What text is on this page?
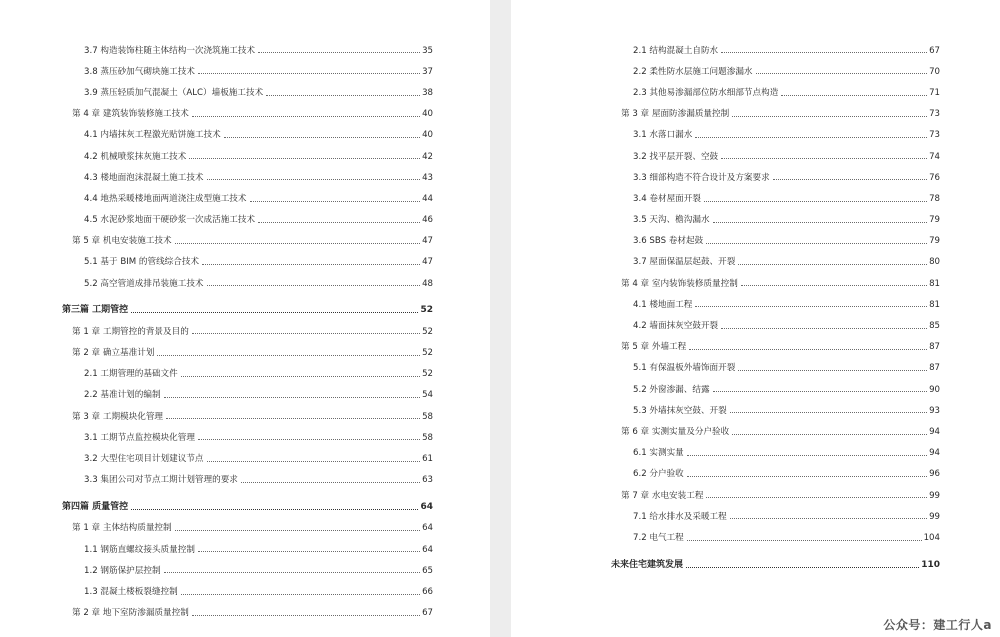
3.7 构造装饰柱随主体结构一次浇筑施工技术	35
3.8 蒸压砂加气砌块施工技术	37
3.9 蒸压轻质加气混凝土（ALC）墙板施工技术	38
第 4 章 建筑装饰装修施工技术	40
4.1 内墙抹灰工程激光贴饼施工技术	40
4.2 机械喷浆抹灰施工技术	42
4.3 楼地面泡沫混凝土施工技术	43
4.4 地热采暖楼地面两道浇注成型施工技术	44
4.5 水泥砂浆地面干硬砂浆一次成活施工技术	46
第 5 章 机电安装施工技术	47
5.1 基于 BIM 的管线综合技术	47
5.2 高空管道成排吊装施工技术	48
第三篇 工期管控	52
第 1 章 工期管控的背景及目的	52
第 2 章 确立基准计划	52
2.1 工期管理的基础文件	52
2.2 基准计划的编制	54
第 3 章 工期模块化管理	58
3.1 工期节点监控模块化管理	58
3.2 大型住宅项目计划建议节点	61
3.3 集团公司对节点工期计划管理的要求	63
第四篇 质量管控	64
第 1 章 主体结构质量控制	64
1.1 钢筋直螺纹接头质量控制	64
1.2 钢筋保护层控制	65
1.3 混凝土楼板裂缝控制	66
第 2 章 地下室防渗漏质量控制	67
2.1 结构混凝土自防水	67
2.2 柔性防水层施工问题渗漏水	70
2.3 其他易渗漏部位防水细部节点构造	71
第 3 章 屋面防渗漏质量控制	73
3.1 水落口漏水	73
3.2 找平层开裂、空鼓	74
3.3 细部构造不符合设计及方案要求	76
3.4 卷材屋面开裂	78
3.5 天沟、檐沟漏水	79
3.6 SBS 卷材起鼓	79
3.7 屋面保温层起鼓、开裂	80
第 4 章 室内装饰装修质量控制	81
4.1 楼地面工程	81
4.2 墙面抹灰空鼓开裂	85
第 5 章 外墙工程	87
5.1 有保温板外墙饰面开裂	87
5.2 外窗渗漏、结露	90
5.3 外墙抹灰空鼓、开裂	93
第 6 章 实测实量及分户验收	94
6.1 实测实量	94
6.2 分户验收	96
第 7 章 水电安装工程	99
7.1 给水排水及采暖工程	99
7.2 电气工程	104
未来住宅建筑发展	110
公众号：建工行人a
